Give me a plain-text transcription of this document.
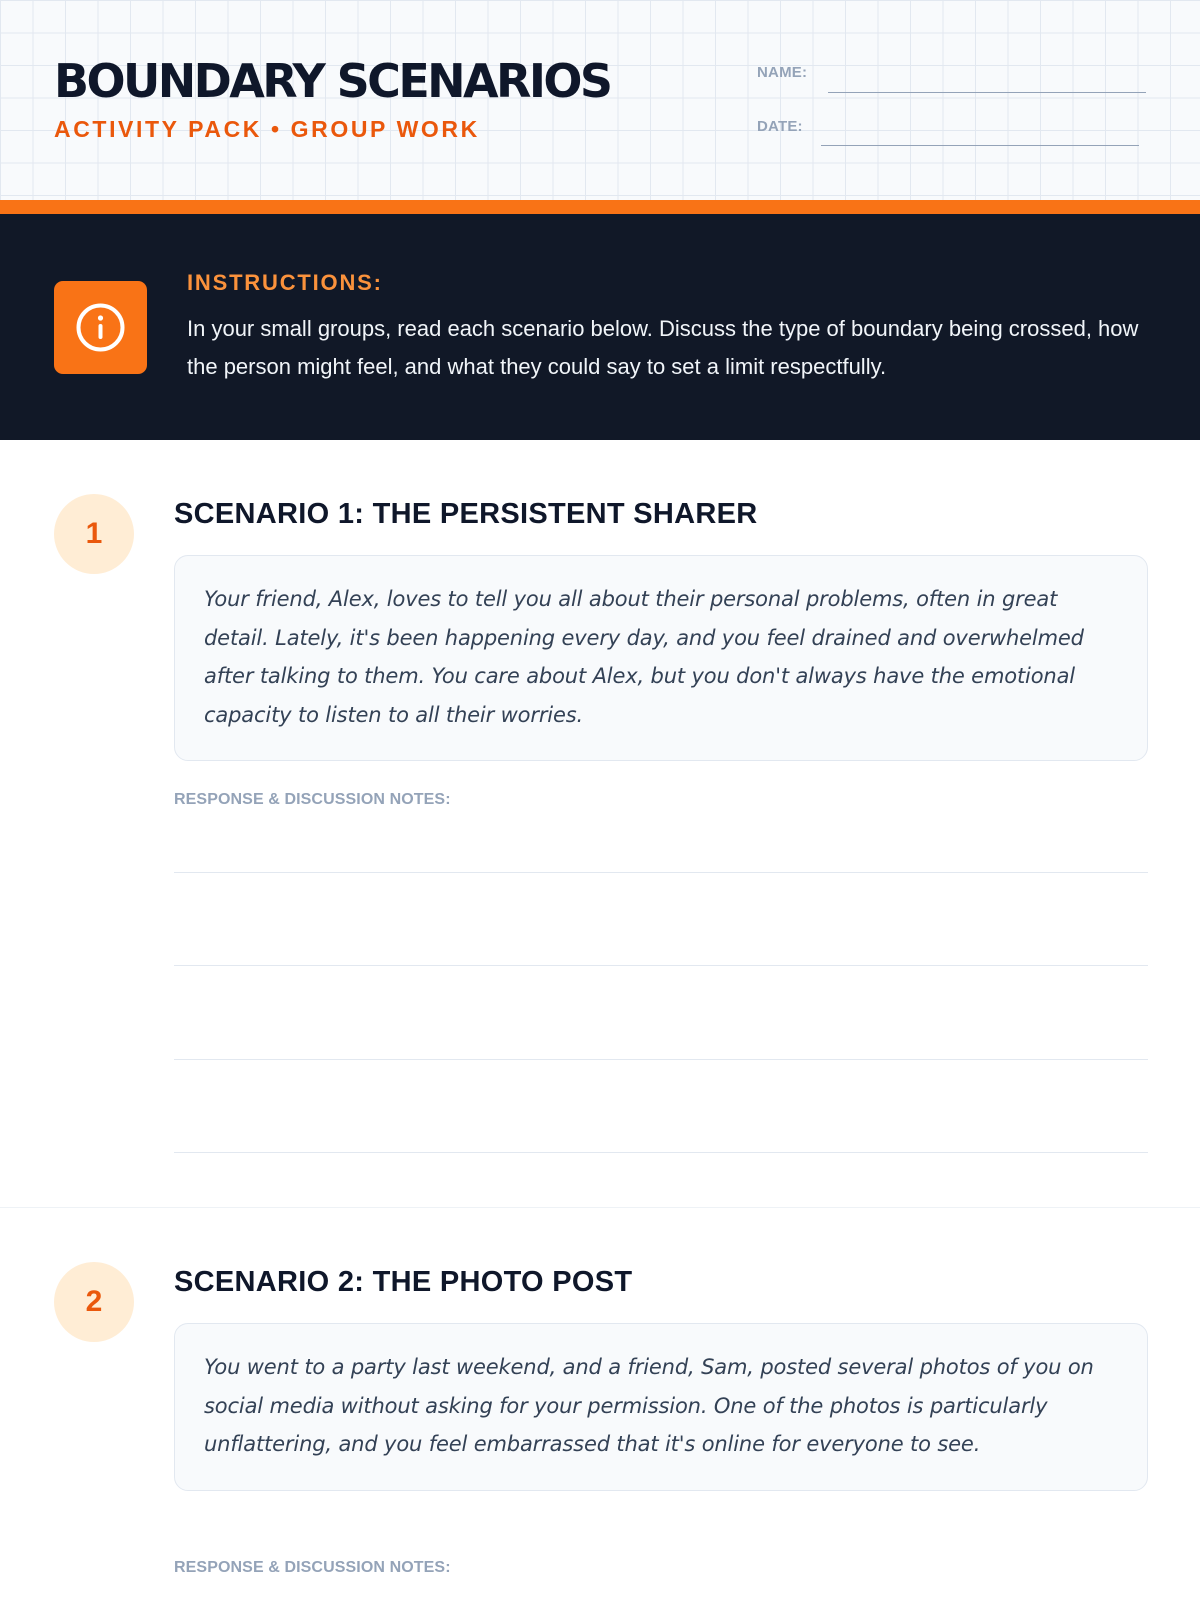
BOUNDARY SCENARIOS
ACTIVITY PACK • GROUP WORK
NAME:
DATE:
INSTRUCTIONS:
In your small groups, read each scenario below. Discuss the type of boundary being crossed, how the person might feel, and what they could say to set a limit respectfully.
1
SCENARIO 1: THE PERSISTENT SHARER
Your friend, Alex, loves to tell you all about their personal problems, often in great detail. Lately, it's been happening every day, and you feel drained and overwhelmed after talking to them. You care about Alex, but you don't always have the emotional capacity to listen to all their worries.
RESPONSE & DISCUSSION NOTES:
2
SCENARIO 2: THE PHOTO POST
You went to a party last weekend, and a friend, Sam, posted several photos of you on social media without asking for your permission. One of the photos is particularly unflattering, and you feel embarrassed that it's online for everyone to see.
RESPONSE & DISCUSSION NOTES:
